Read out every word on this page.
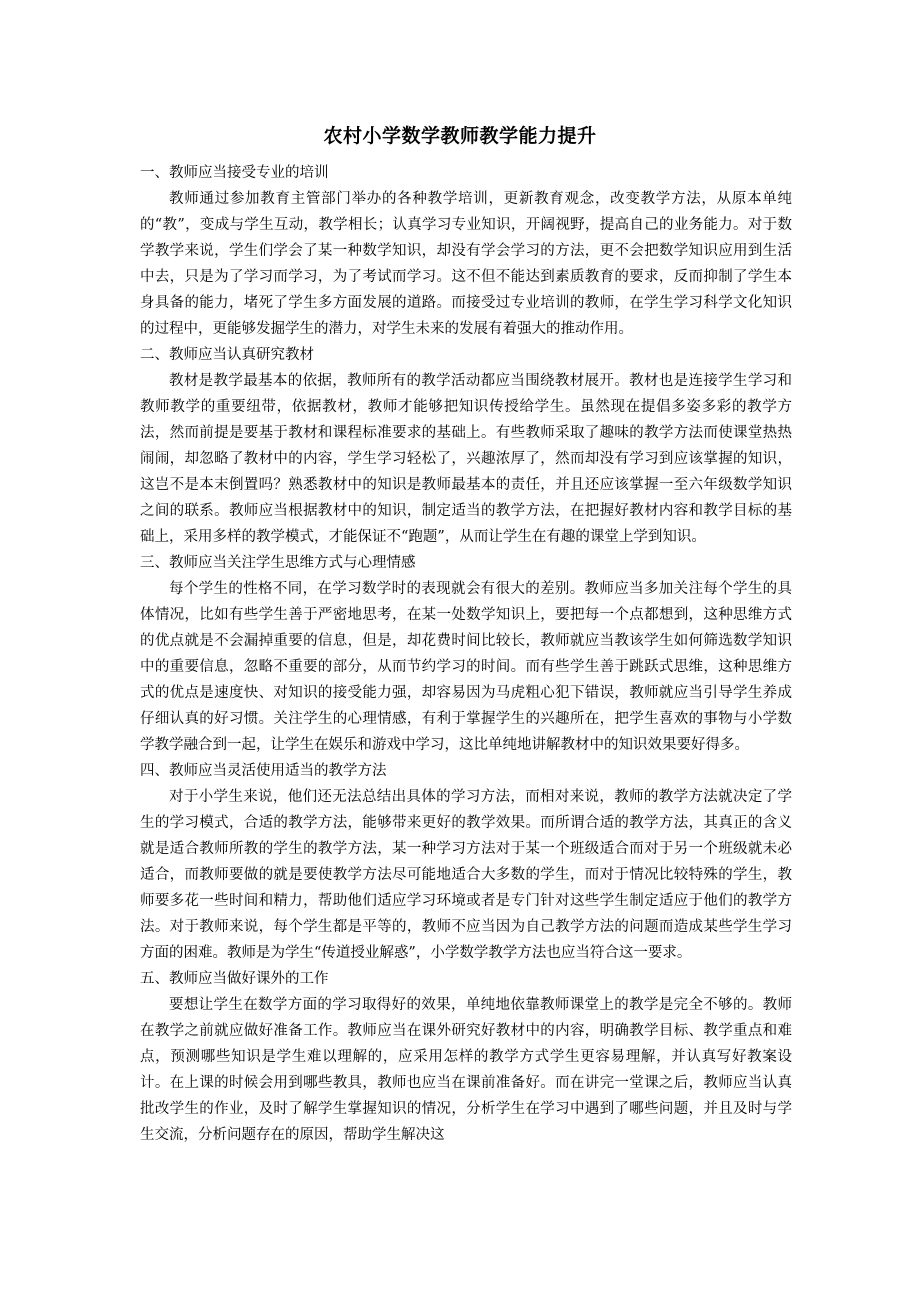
农村小学数学教师教学能力提升

一、教师应当接受专业的培训

教师通过参加教育主管部门举办的各种教学培训，更新教育观念，改变教学方法，从原本单纯的“教”，变成与学生互动，教学相长；认真学习专业知识，开阔视野，提高自己的业务能力。对于数学教学来说，学生们学会了某一种数学知识，却没有学会学习的方法，更不会把数学知识应用到生活中去，只是为了学习而学习，为了考试而学习。这不但不能达到素质教育的要求，反而抑制了学生本身具备的能力，堵死了学生多方面发展的道路。而接受过专业培训的教师，在学生学习科学文化知识的过程中，更能够发掘学生的潜力，对学生未来的发展有着强大的推动作用。

二、教师应当认真研究教材

教材是教学最基本的依据，教师所有的教学活动都应当围绕教材展开。教材也是连接学生学习和教师教学的重要纽带，依据教材，教师才能够把知识传授给学生。虽然现在提倡多姿多彩的教学方法，然而前提是要基于教材和课程标准要求的基础上。有些教师采取了趣味的教学方法而使课堂热热闹闹，却忽略了教材中的内容，学生学习轻松了，兴趣浓厚了，然而却没有学习到应该掌握的知识，这岂不是本末倒置吗？熟悉教材中的知识是教师最基本的责任，并且还应该掌握一至六年级数学知识之间的联系。教师应当根据教材中的知识，制定适当的教学方法，在把握好教材内容和教学目标的基础上，采用多样的教学模式，才能保证不“跑题”，从而让学生在有趣的课堂上学到知识。

三、教师应当关注学生思维方式与心理情感

每个学生的性格不同，在学习数学时的表现就会有很大的差别。教师应当多加关注每个学生的具体情况，比如有些学生善于严密地思考，在某一处数学知识上，要把每一个点都想到，这种思维方式的优点就是不会漏掉重要的信息，但是，却花费时间比较长，教师就应当教该学生如何筛选数学知识中的重要信息，忽略不重要的部分，从而节约学习的时间。而有些学生善于跳跃式思维，这种思维方式的优点是速度快、对知识的接受能力强，却容易因为马虎粗心犯下错误，教师就应当引导学生养成仔细认真的好习惯。关注学生的心理情感，有利于掌握学生的兴趣所在，把学生喜欢的事物与小学数学教学融合到一起，让学生在娱乐和游戏中学习，这比单纯地讲解教材中的知识效果要好得多。

四、教师应当灵活使用适当的教学方法

对于小学生来说，他们还无法总结出具体的学习方法，而相对来说，教师的教学方法就决定了学生的学习模式，合适的教学方法，能够带来更好的教学效果。而所谓合适的教学方法，其真正的含义就是适合教师所教的学生的教学方法，某一种学习方法对于某一个班级适合而对于另一个班级就未必适合，而教师要做的就是要使教学方法尽可能地适合大多数的学生，而对于情况比较特殊的学生，教师要多花一些时间和精力，帮助他们适应学习环境或者是专门针对这些学生制定适应于他们的教学方法。对于教师来说，每个学生都是平等的，教师不应当因为自己教学方法的问题而造成某些学生学习方面的困难。教师是为学生“传道授业解惑”，小学数学教学方法也应当符合这一要求。

五、教师应当做好课外的工作

要想让学生在数学方面的学习取得好的效果，单纯地依靠教师课堂上的教学是完全不够的。教师在教学之前就应做好准备工作。教师应当在课外研究好教材中的内容，明确教学目标、教学重点和难点，预测哪些知识是学生难以理解的，应采用怎样的教学方式学生更容易理解，并认真写好教案设计。在上课的时候会用到哪些教具，教师也应当在课前准备好。而在讲完一堂课之后，教师应当认真批改学生的作业，及时了解学生掌握知识的情况，分析学生在学习中遇到了哪些问题，并且及时与学生交流，分析问题存在的原因，帮助学生解决这
